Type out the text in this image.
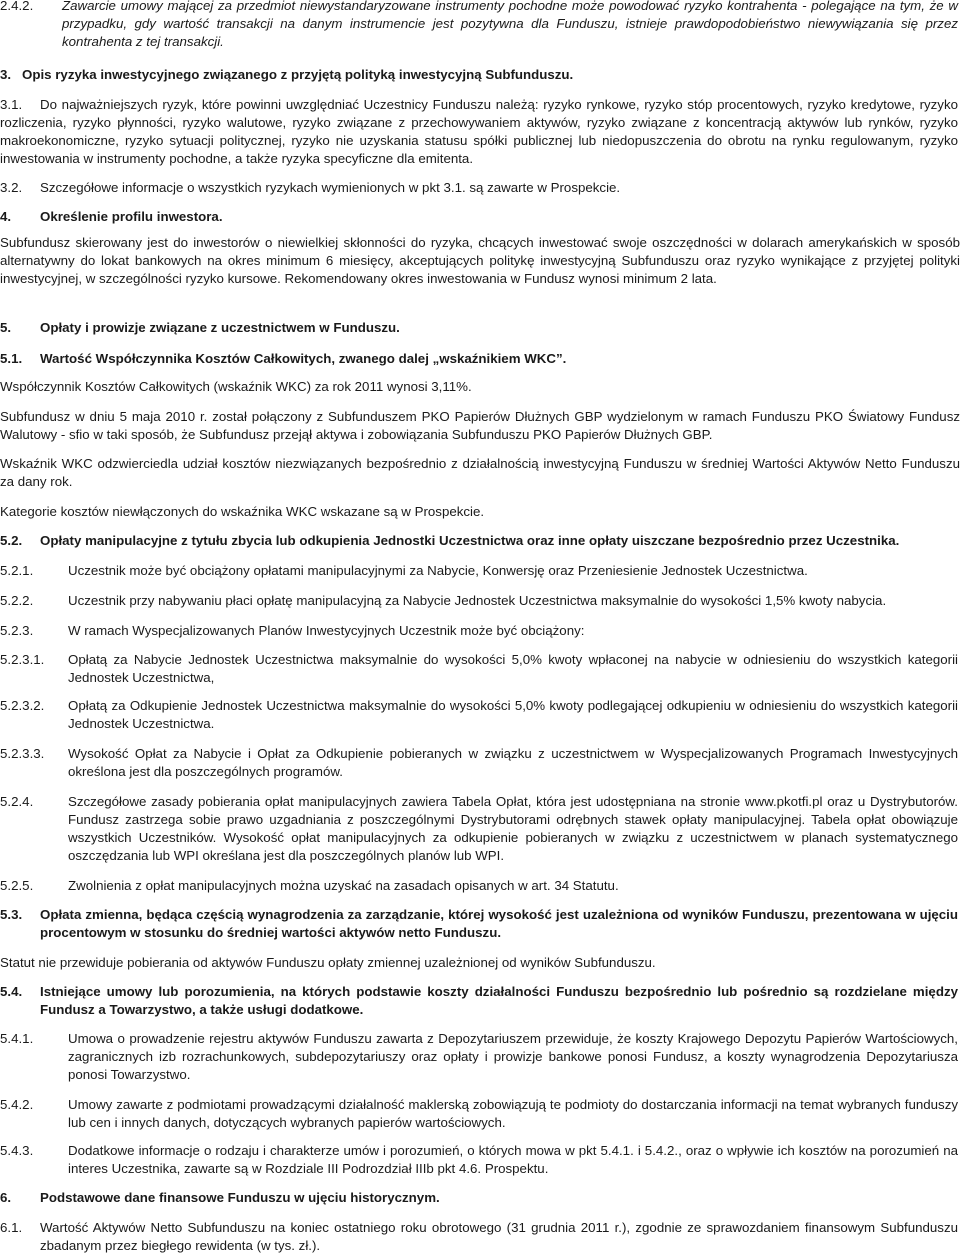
2.4.2. Zawarcie umowy mającej za przedmiot niewystandaryzowane instrumenty pochodne może powodować ryzyko kontrahenta - polegające na tym, że w przypadku, gdy wartość transakcji na danym instrumencie jest pozytywna dla Funduszu, istnieje prawdopodobieństwo niewywiązania się przez kontrahenta z tej transakcji.
3. Opis ryzyka inwestycyjnego związanego z przyjętą polityką inwestycyjną Subfunduszu.
3.1.	Do najważniejszych ryzyk, które powinni uwzględniać Uczestnicy Funduszu należą: ryzyko rynkowe, ryzyko stóp procentowych, ryzyko kredytowe, ryzyko rozliczenia, ryzyko płynności, ryzyko walutowe, ryzyko związane z przechowywaniem aktywów, ryzyko związane z koncentracją aktywów lub rynków, ryzyko makroekonomiczne, ryzyko sytuacji politycznej, ryzyko nie uzyskania statusu spółki publicznej lub niedopuszczenia do obrotu na rynku regulowanym, ryzyko inwestowania w instrumenty pochodne, a także ryzyka specyficzne dla emitenta.
3.2. Szczegółowe informacje o wszystkich ryzykach wymienionych w pkt 3.1. są zawarte w Prospekcie.
4. Określenie profilu inwestora.
Subfundusz skierowany jest do inwestorów o niewielkiej skłonności do ryzyka, chcących inwestować swoje oszczędności w dolarach amerykańskich w sposób alternatywny do lokat bankowych na okres minimum 6 miesięcy, akceptujących politykę inwestycyjną Subfunduszu oraz ryzyko wynikające z przyjętej polityki inwestycyjnej, w szczególności ryzyko kursowe. Rekomendowany okres inwestowania w Fundusz wynosi minimum 2 lata.
5. Opłaty i prowizje związane z uczestnictwem w Funduszu.
5.1. Wartość Współczynnika Kosztów Całkowitych, zwanego dalej „wskaźnikiem WKC”.
Współczynnik Kosztów Całkowitych (wskaźnik WKC) za rok 2011 wynosi 3,11%.
Subfundusz w dniu 5 maja 2010 r. został połączony z Subfunduszem PKO Papierów Dłużnych GBP wydzielonym w ramach Funduszu PKO Światowy Fundusz Walutowy - sfio w taki sposób, że Subfundusz przejął aktywa i zobowiązania Subfunduszu PKO Papierów Dłużnych GBP.
Wskaźnik WKC odzwierciedla udział kosztów niezwiązanych bezpośrednio z działalnością inwestycyjną Funduszu w średniej Wartości Aktywów Netto Funduszu za dany rok.
Kategorie kosztów niewłączonych do wskaźnika WKC wskazane są w Prospekcie.
5.2. Opłaty manipulacyjne z tytułu zbycia lub odkupienia Jednostki Uczestnictwa oraz inne opłaty uiszczane bezpośrednio przez Uczestnika.
5.2.1.	Uczestnik może być obciążony opłatami manipulacyjnymi za Nabycie, Konwersję oraz Przeniesienie Jednostek Uczestnictwa.
5.2.2.	Uczestnik przy nabywaniu płaci opłatę manipulacyjną za Nabycie Jednostek Uczestnictwa maksymalnie do wysokości 1,5% kwoty nabycia.
5.2.3.	W ramach Wyspecjalizowanych Planów Inwestycyjnych Uczestnik może być obciążony:
5.2.3.1. Opłatą za Nabycie Jednostek Uczestnictwa maksymalnie do wysokości 5,0% kwoty wpłaconej na nabycie w odniesieniu do wszystkich kategorii Jednostek Uczestnictwa,
5.2.3.2. Opłatą za Odkupienie Jednostek Uczestnictwa maksymalnie do wysokości 5,0% kwoty podlegającej odkupieniu w odniesieniu do wszystkich kategorii Jednostek Uczestnictwa.
5.2.3.3. Wysokość Opłat za Nabycie i Opłat za Odkupienie pobieranych w związku z uczestnictwem w Wyspecjalizowanych Programach Inwestycyjnych określona jest dla poszczególnych programów.
5.2.4.	Szczegółowe zasady pobierania opłat manipulacyjnych zawiera Tabela Opłat, która jest udostępniana na stronie www.pkotfi.pl oraz u Dystrybutorów. Fundusz zastrzega sobie prawo uzgadniania z poszczególnymi Dystrybutorami odrębnych stawek opłaty manipulacyjnej. Tabela opłat obowiązuje wszystkich Uczestników. Wysokość opłat manipulacyjnych za odkupienie pobieranych w związku z uczestnictwem w planach systematycznego oszczędzania lub WPI określana jest dla poszczególnych planów lub WPI.
5.2.5.	Zwolnienia z opłat manipulacyjnych można uzyskać na zasadach opisanych w art. 34 Statutu.
5.3. Opłata zmienna, będąca częścią wynagrodzenia za zarządzanie, której wysokość jest uzależniona od wyników Funduszu, prezentowana w ujęciu procentowym w stosunku do średniej wartości aktywów netto Funduszu.
Statut nie przewiduje pobierania od aktywów Funduszu opłaty zmiennej uzależnionej od wyników Subfunduszu.
5.4. Istniejące umowy lub porozumienia, na których podstawie koszty działalności Funduszu bezpośrednio lub pośrednio są rozdzielane między Fundusz a Towarzystwo, a także usługi dodatkowe.
5.4.1.	Umowa o prowadzenie rejestru aktywów Funduszu zawarta z Depozytariuszem przewiduje, że koszty Krajowego Depozytu Papierów Wartościowych, zagranicznych izb rozrachunkowych, subdepozytariuszy oraz opłaty i prowizje bankowe ponosi Fundusz, a koszty wynagrodzenia Depozytariusza ponosi Towarzystwo.
5.4.2.	Umowy zawarte z podmiotami prowadzącymi działalność maklerską zobowiązują te podmioty do dostarczania informacji na temat wybranych funduszy lub cen i innych danych, dotyczących wybranych papierów wartościowych.
5.4.3.	Dodatkowe informacje o rodzaju i charakterze umów i porozumień, o których mowa w pkt 5.4.1. i 5.4.2., oraz o wpływie ich kosztów na porozumień na interes Uczestnika, zawarte są w Rozdziale III Podrozdział IIIb pkt 4.6. Prospektu.
6. Podstawowe dane finansowe Funduszu w ujęciu historycznym.
6.1. Wartość Aktywów Netto Subfunduszu na koniec ostatniego roku obrotowego (31 grudnia 2011 r.), zgodnie ze sprawozdaniem finansowym Subfunduszu zbadanym przez biegłego rewidenta (w tys. zł.).
